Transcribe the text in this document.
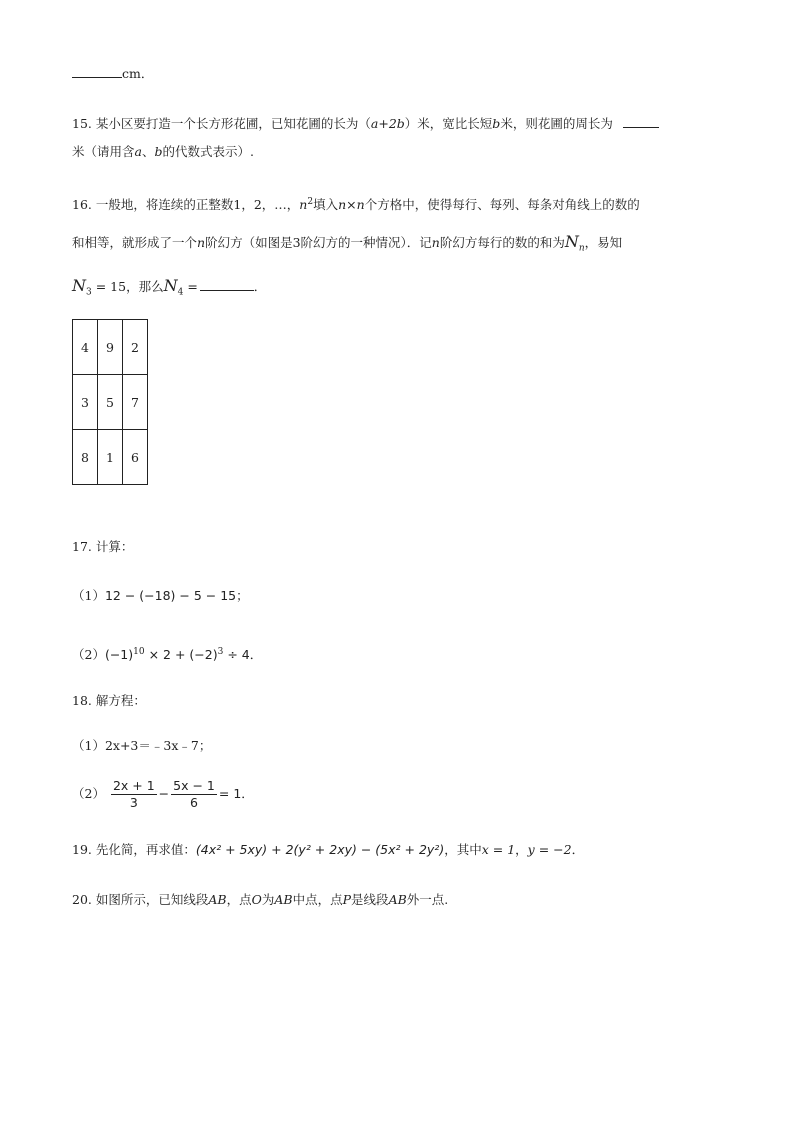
cm．
15. 某小区要打造一个长方形花圃，已知花圃的长为（a+2b）米，宽比长短b米，则花圃的周长为
米（请用含a、b的代数式表示）.
16. 一般地，将连续的正整数1，2，…，$n^2$填入n×n个方格中，使得每行、每列、每条对角线上的数的
和相等，就形成了一个n阶幻方（如图是3阶幻方的一种情况）．记n阶幻方每行的数的和为$N_n$，易知
$N_3 = 15$，那么$N_4$ =	．
4	9	2
3	5	7
8	1	6
17. 计算：
（1）12 − (−18) − 5 − 15；
$(2)(-1)^{10} \times 2 + (-2)^3 \div 4$．
18. 解方程：
（1）2x+3＝﹣3x﹣7；
$(2) \frac{2x + 1}{3} - \frac{5x - 1}{6} = 1$．
19. 先化简，再求值：(4x² + 5xy) + 2(y² + 2xy) − (5x² + 2y²)，其中x = 1，y = −2．
20. 如图所示，已知线段AB，点O为AB中点，点P是线段AB外一点.
